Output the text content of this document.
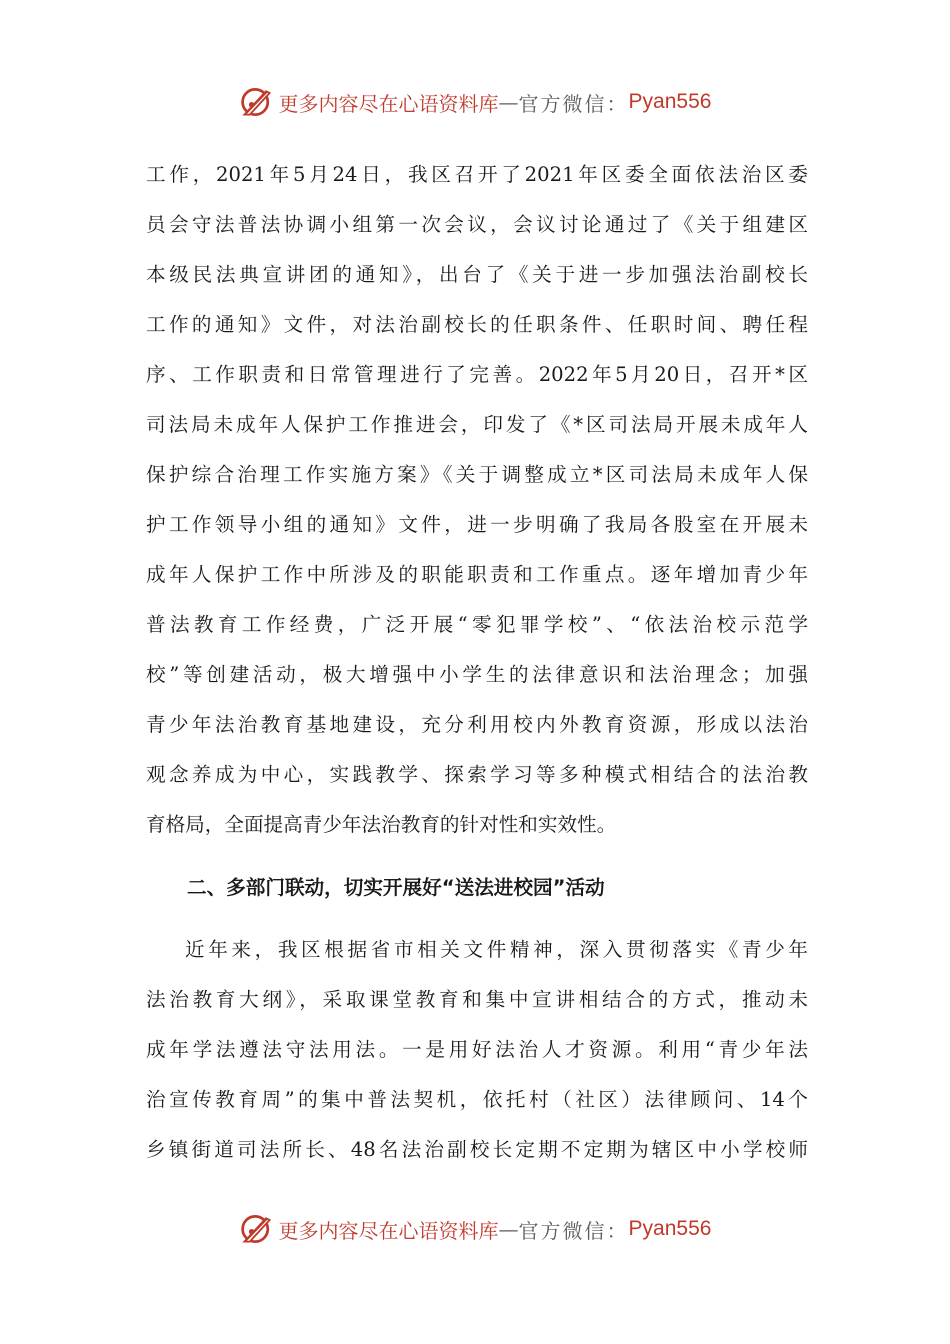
更多内容尽在心语资料库 — 官方微信： Pyan556
工作，2021年5月24日，我区召开了2021年区委全面依法治区委
员会守法普法协调小组第一次会议，会议讨论通过了《关于组建区
本级民法典宣讲团的通知》，出台了《关于进一步加强法治副校长
工作的通知》文件，对法治副校长的任职条件、任职时间、聘任程
序、工作职责和日常管理进行了完善。2022年5月20日，召开*区
司法局未成年人保护工作推进会，印发了《*区司法局开展未成年人
保护综合治理工作实施方案》《关于调整成立*区司法局未成年人保
护工作领导小组的通知》文件，进一步明确了我局各股室在开展未
成年人保护工作中所涉及的职能职责和工作重点。逐年增加青少年
普法教育工作经费，广泛开展“零犯罪学校”、“依法治校示范学
校”等创建活动，极大增强中小学生的法律意识和法治理念；加强
青少年法治教育基地建设，充分利用校内外教育资源，形成以法治
观念养成为中心，实践教学、探索学习等多种模式相结合的法治教
育格局，全面提高青少年法治教育的针对性和实效性。
二、多部门联动，切实开展好“送法进校园”活动
近年来，我区根据省市相关文件精神，深入贯彻落实《青少年
法治教育大纲》，采取课堂教育和集中宣讲相结合的方式，推动未
成年学法遵法守法用法。一是用好法治人才资源。利用“青少年法
治宣传教育周”的集中普法契机，依托村（社区）法律顾问、14个
乡镇街道司法所长、48名法治副校长定期不定期为辖区中小学校师
更多内容尽在心语资料库 — 官方微信： Pyan556
